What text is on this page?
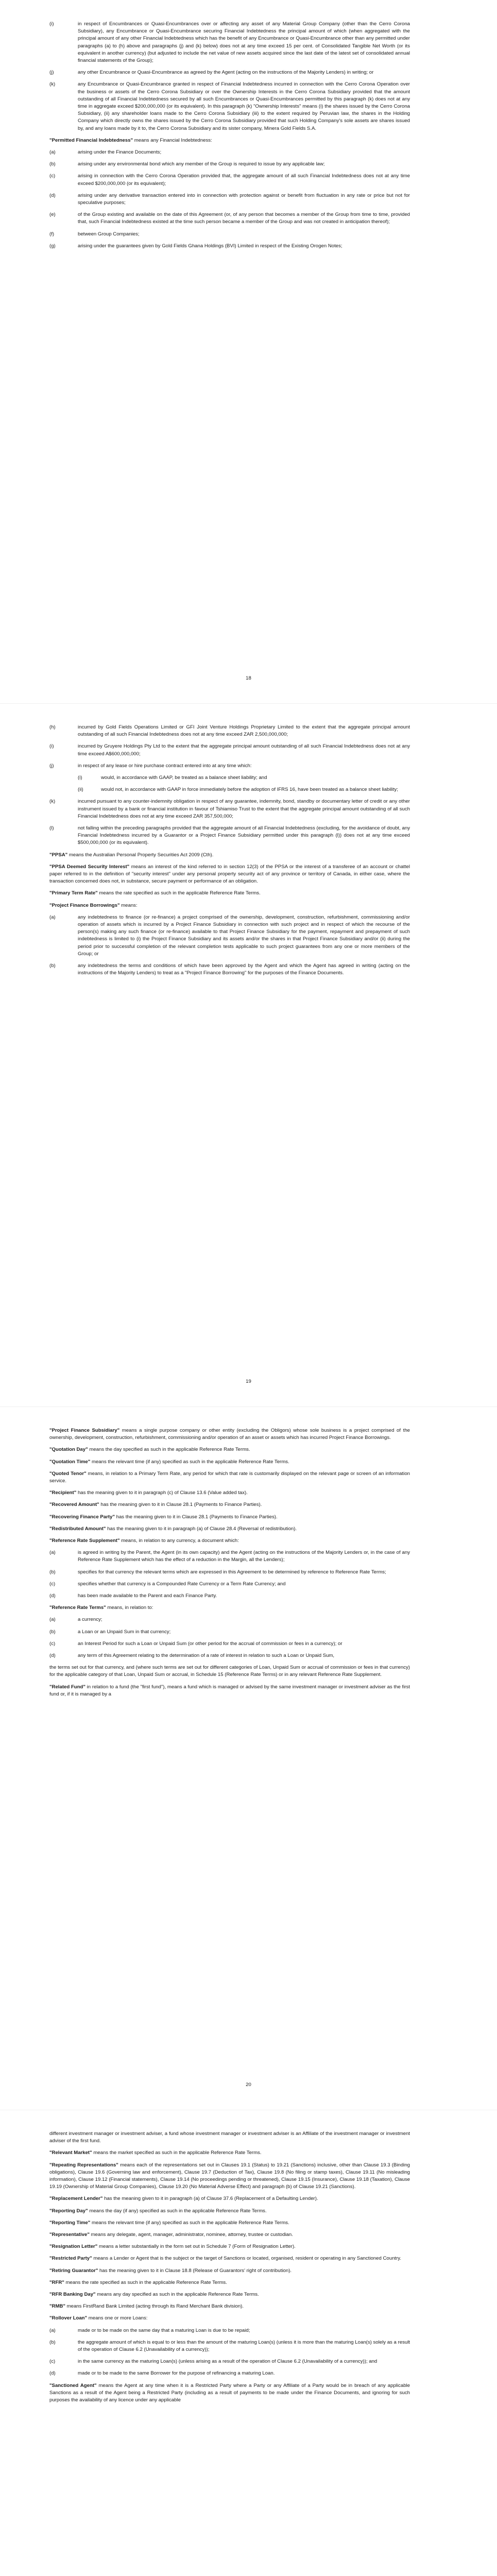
(i)	in respect of Encumbrances or Quasi-Encumbrances over or affecting any asset of any Material Group Company (other than the Cerro Corona Subsidiary), any Encumbrance or Quasi-Encumbrance securing Financial Indebtedness the principal amount of which (when aggregated with the principal amount of any other Financial Indebtedness which has the benefit of any Encumbrance or Quasi-Encumbrance other than any permitted under paragraphs (a) to (h) above and paragraphs (j) and (k) below) does not at any time exceed 15 per cent. of Consolidated Tangible Net Worth (or its equivalent in another currency) (but adjusted to include the net value of new assets acquired since the last date of the latest set of consolidated annual financial statements of the Group);
(j)	any other Encumbrance or Quasi-Encumbrance as agreed by the Agent (acting on the instructions of the Majority Lenders) in writing; or
(k)	any Encumbrance or Quasi-Encumbrance granted in respect of Financial Indebtedness incurred in connection with the Cerro Corona Operation over the business or assets of the Cerro Corona Subsidiary or over the Ownership Interests in the Cerro Corona Subsidiary provided that the amount outstanding of all Financial Indebtedness secured by all such Encumbrances or Quasi-Encumbrances permitted by this paragraph (k) does not at any time in aggregate exceed $200,000,000 (or its equivalent). In this paragraph (k) "Ownership Interests" means (i) the shares issued by the Cerro Corona Subsidiary, (ii) any shareholder loans made to the Cerro Corona Subsidiary (iii) to the extent required by Peruvian law, the shares in the Holding Company which directly owns the shares issued by the Cerro Corona Subsidiary provided that such Holding Company's sole assets are shares issued by, and any loans made by it to, the Cerro Corona Subsidiary and its sister company, Minera Gold Fields S.A.

"Permitted Financial Indebtedness" means any Financial Indebtedness:

(a)	arising under the Finance Documents;
(b)	arising under any environmental bond which any member of the Group is required to issue by any applicable law;
(c)	arising in connection with the Cerro Corona Operation provided that, the aggregate amount of all such Financial Indebtedness does not at any time exceed $200,000,000 (or its equivalent);
(d)	arising under any derivative transaction entered into in connection with protection against or benefit from fluctuation in any rate or price but not for speculative purposes;
(e)	of the Group existing and available on the date of this Agreement (or, of any person that becomes a member of the Group from time to time, provided that, such Financial Indebtedness existed at the time such person became a member of the Group and was not created in anticipation thereof);
(f)	between Group Companies;
(g)	arising under the guarantees given by Gold Fields Ghana Holdings (BVI) Limited in respect of the Existing Orogen Notes;
18
(h)	incurred by Gold Fields Operations Limited or GFI Joint Venture Holdings Proprietary Limited to the extent that the aggregate principal amount outstanding of all such Financial Indebtedness does not at any time exceed ZAR 2,500,000,000;
(i)	incurred by Gruyere Holdings Pty Ltd to the extent that the aggregate principal amount outstanding of all such Financial Indebtedness does not at any time exceed A$600,000,000;
(j)	in respect of any lease or hire purchase contract entered into at any time which:
(i)	would, in accordance with GAAP, be treated as a balance sheet liability; and
(ii)	would not, in accordance with GAAP in force immediately before the adoption of IFRS 16, have been treated as a balance sheet liability;
(k)	incurred pursuant to any counter-indemnity obligation in respect of any guarantee, indemnity, bond, standby or documentary letter of credit or any other instrument issued by a bank or financial institution in favour of Tshiamiso Trust to the extent that the aggregate principal amount outstanding of all such Financial Indebtedness does not at any time exceed ZAR 357,500,000;
(l)	not falling within the preceding paragraphs provided that the aggregate amount of all Financial Indebtedness (excluding, for the avoidance of doubt, any Financial Indebtedness incurred by a Guarantor or a Project Finance Subsidiary permitted under this paragraph (l)) does not at any time exceed $500,000,000 (or its equivalent).

"PPSA" means the Australian Personal Property Securities Act 2009 (Cth).

"PPSA Deemed Security Interest" means an interest of the kind referred to in section 12(3) of the PPSA or the interest of a transferee of an account or chattel paper referred to in the definition of "security interest" under any personal property security act of any province or territory of Canada, in either case, where the transaction concerned does not, in substance, secure payment or performance of an obligation.

"Primary Term Rate" means the rate specified as such in the applicable Reference Rate Terms.

"Project Finance Borrowings" means:

(a)	any indebtedness to finance (or re-finance) a project comprised of the ownership, development, construction, refurbishment, commissioning and/or operation of assets which is incurred by a Project Finance Subsidiary in connection with such project and in respect of which the recourse of the person(s) making any such finance (or re-finance) available to that Project Finance Subsidiary for the payment, repayment and prepayment of such indebtedness is limited to (i) the Project Finance Subsidiary and its assets and/or the shares in that Project Finance Subsidiary and/or (ii) during the period prior to successful completion of the relevant completion tests applicable to such project guarantees from any one or more members of the Group; or
(b)	any indebtedness the terms and conditions of which have been approved by the Agent and which the Agent has agreed in writing (acting on the instructions of the Majority Lenders) to treat as a "Project Finance Borrowing" for the purposes of the Finance Documents.
19

"Project Finance Subsidiary" means a single purpose company or other entity (excluding the Obligors) whose sole business is a project comprised of the ownership, development, construction, refurbishment, commissioning and/or operation of an asset or assets which has incurred Project Finance Borrowings.

"Quotation Day" means the day specified as such in the applicable Reference Rate Terms.

"Quotation Time" means the relevant time (if any) specified as such in the applicable Reference Rate Terms.

"Quoted Tenor" means, in relation to a Primary Term Rate, any period for which that rate is customarily displayed on the relevant page or screen of an information service.

"Recipient" has the meaning given to it in paragraph (c) of Clause 13.6 (Value added tax).

"Recovered Amount" has the meaning given to it in Clause 28.1 (Payments to Finance Parties).

"Recovering Finance Party" has the meaning given to it in Clause 28.1 (Payments to Finance Parties).

"Redistributed Amount" has the meaning given to it in paragraph (a) of Clause 28.4 (Reversal of redistribution).

"Reference Rate Supplement" means, in relation to any currency, a document which:

(a)	is agreed in writing by the Parent, the Agent (in its own capacity) and the Agent (acting on the instructions of the Majority Lenders or, in the case of any Reference Rate Supplement which has the effect of a reduction in the Margin, all the Lenders);
(b)	specifies for that currency the relevant terms which are expressed in this Agreement to be determined by reference to Reference Rate Terms;
(c)	specifies whether that currency is a Compounded Rate Currency or a Term Rate Currency; and
(d)	has been made available to the Parent and each Finance Party.

"Reference Rate Terms" means, in relation to:

(a)	a currency;
(b)	a Loan or an Unpaid Sum in that currency;
(c)	an Interest Period for such a Loan or Unpaid Sum (or other period for the accrual of commission or fees in a currency); or
(d)	any term of this Agreement relating to the determination of a rate of interest in relation to such a Loan or Unpaid Sum,

the terms set out for that currency, and (where such terms are set out for different categories of Loan, Unpaid Sum or accrual of commission or fees in that currency) for the applicable category of that Loan, Unpaid Sum or accrual, in Schedule 15 (Reference Rate Terms) or in any relevant Reference Rate Supplement.

"Related Fund" in relation to a fund (the "first fund"), means a fund which is managed or advised by the same investment manager or investment adviser as the first fund or, if it is managed by a

20

different investment manager or investment adviser, a fund whose investment manager or investment adviser is an Affiliate of the investment manager or investment adviser of the first fund.

"Relevant Market" means the market specified as such in the applicable Reference Rate Terms.

"Repeating Representations" means each of the representations set out in Clauses 19.1 (Status) to 19.21 (Sanctions) inclusive, other than Clause 19.3 (Binding obligations), Clause 19.6 (Governing law and enforcement), Clause 19.7 (Deduction of Tax), Clause 19.8 (No filing or stamp taxes), Clause 19.11 (No misleading information), Clause 19.12 (Financial statements), Clause 19.14 (No proceedings pending or threatened), Clause 19.15 (Insurance), Clause 19.18 (Taxation), Clause 19.19 (Ownership of Material Group Companies), Clause 19.20 (No Material Adverse Effect) and paragraph (b) of Clause 19.21 (Sanctions).

"Replacement Lender" has the meaning given to it in paragraph (a) of Clause 37.6 (Replacement of a Defaulting Lender).

"Reporting Day" means the day (if any) specified as such in the applicable Reference Rate Terms.

"Reporting Time" means the relevant time (if any) specified as such in the applicable Reference Rate Terms.

"Representative" means any delegate, agent, manager, administrator, nominee, attorney, trustee or custodian.

"Resignation Letter" means a letter substantially in the form set out in Schedule 7 (Form of Resignation Letter).

"Restricted Party" means a Lender or Agent that is the subject or the target of Sanctions or located, organised, resident or operating in any Sanctioned Country.

"Retiring Guarantor" has the meaning given to it in Clause 18.8 (Release of Guarantors' right of contribution).

"RFR" means the rate specified as such in the applicable Reference Rate Terms.

"RFR Banking Day" means any day specified as such in the applicable Reference Rate Terms.

"RMB" means FirstRand Bank Limited (acting through its Rand Merchant Bank division).

"Rollover Loan" means one or more Loans:

(a)	made or to be made on the same day that a maturing Loan is due to be repaid;
(b)	the aggregate amount of which is equal to or less than the amount of the maturing Loan(s) (unless it is more than the maturing Loan(s) solely as a result of the operation of Clause 6.2 (Unavailability of a currency));
(c)	in the same currency as the maturing Loan(s) (unless arising as a result of the operation of Clause 6.2 (Unavailability of a currency)); and
(d)	made or to be made to the same Borrower for the purpose of refinancing a maturing Loan.

"Sanctioned Agent" means the Agent at any time when it is a Restricted Party where a Party or any Affiliate of a Party would be in breach of any applicable Sanctions as a result of the Agent being a Restricted Party (including as a result of payments to be made under the Finance Documents, and ignoring for such purposes the availability of any licence under any applicable
